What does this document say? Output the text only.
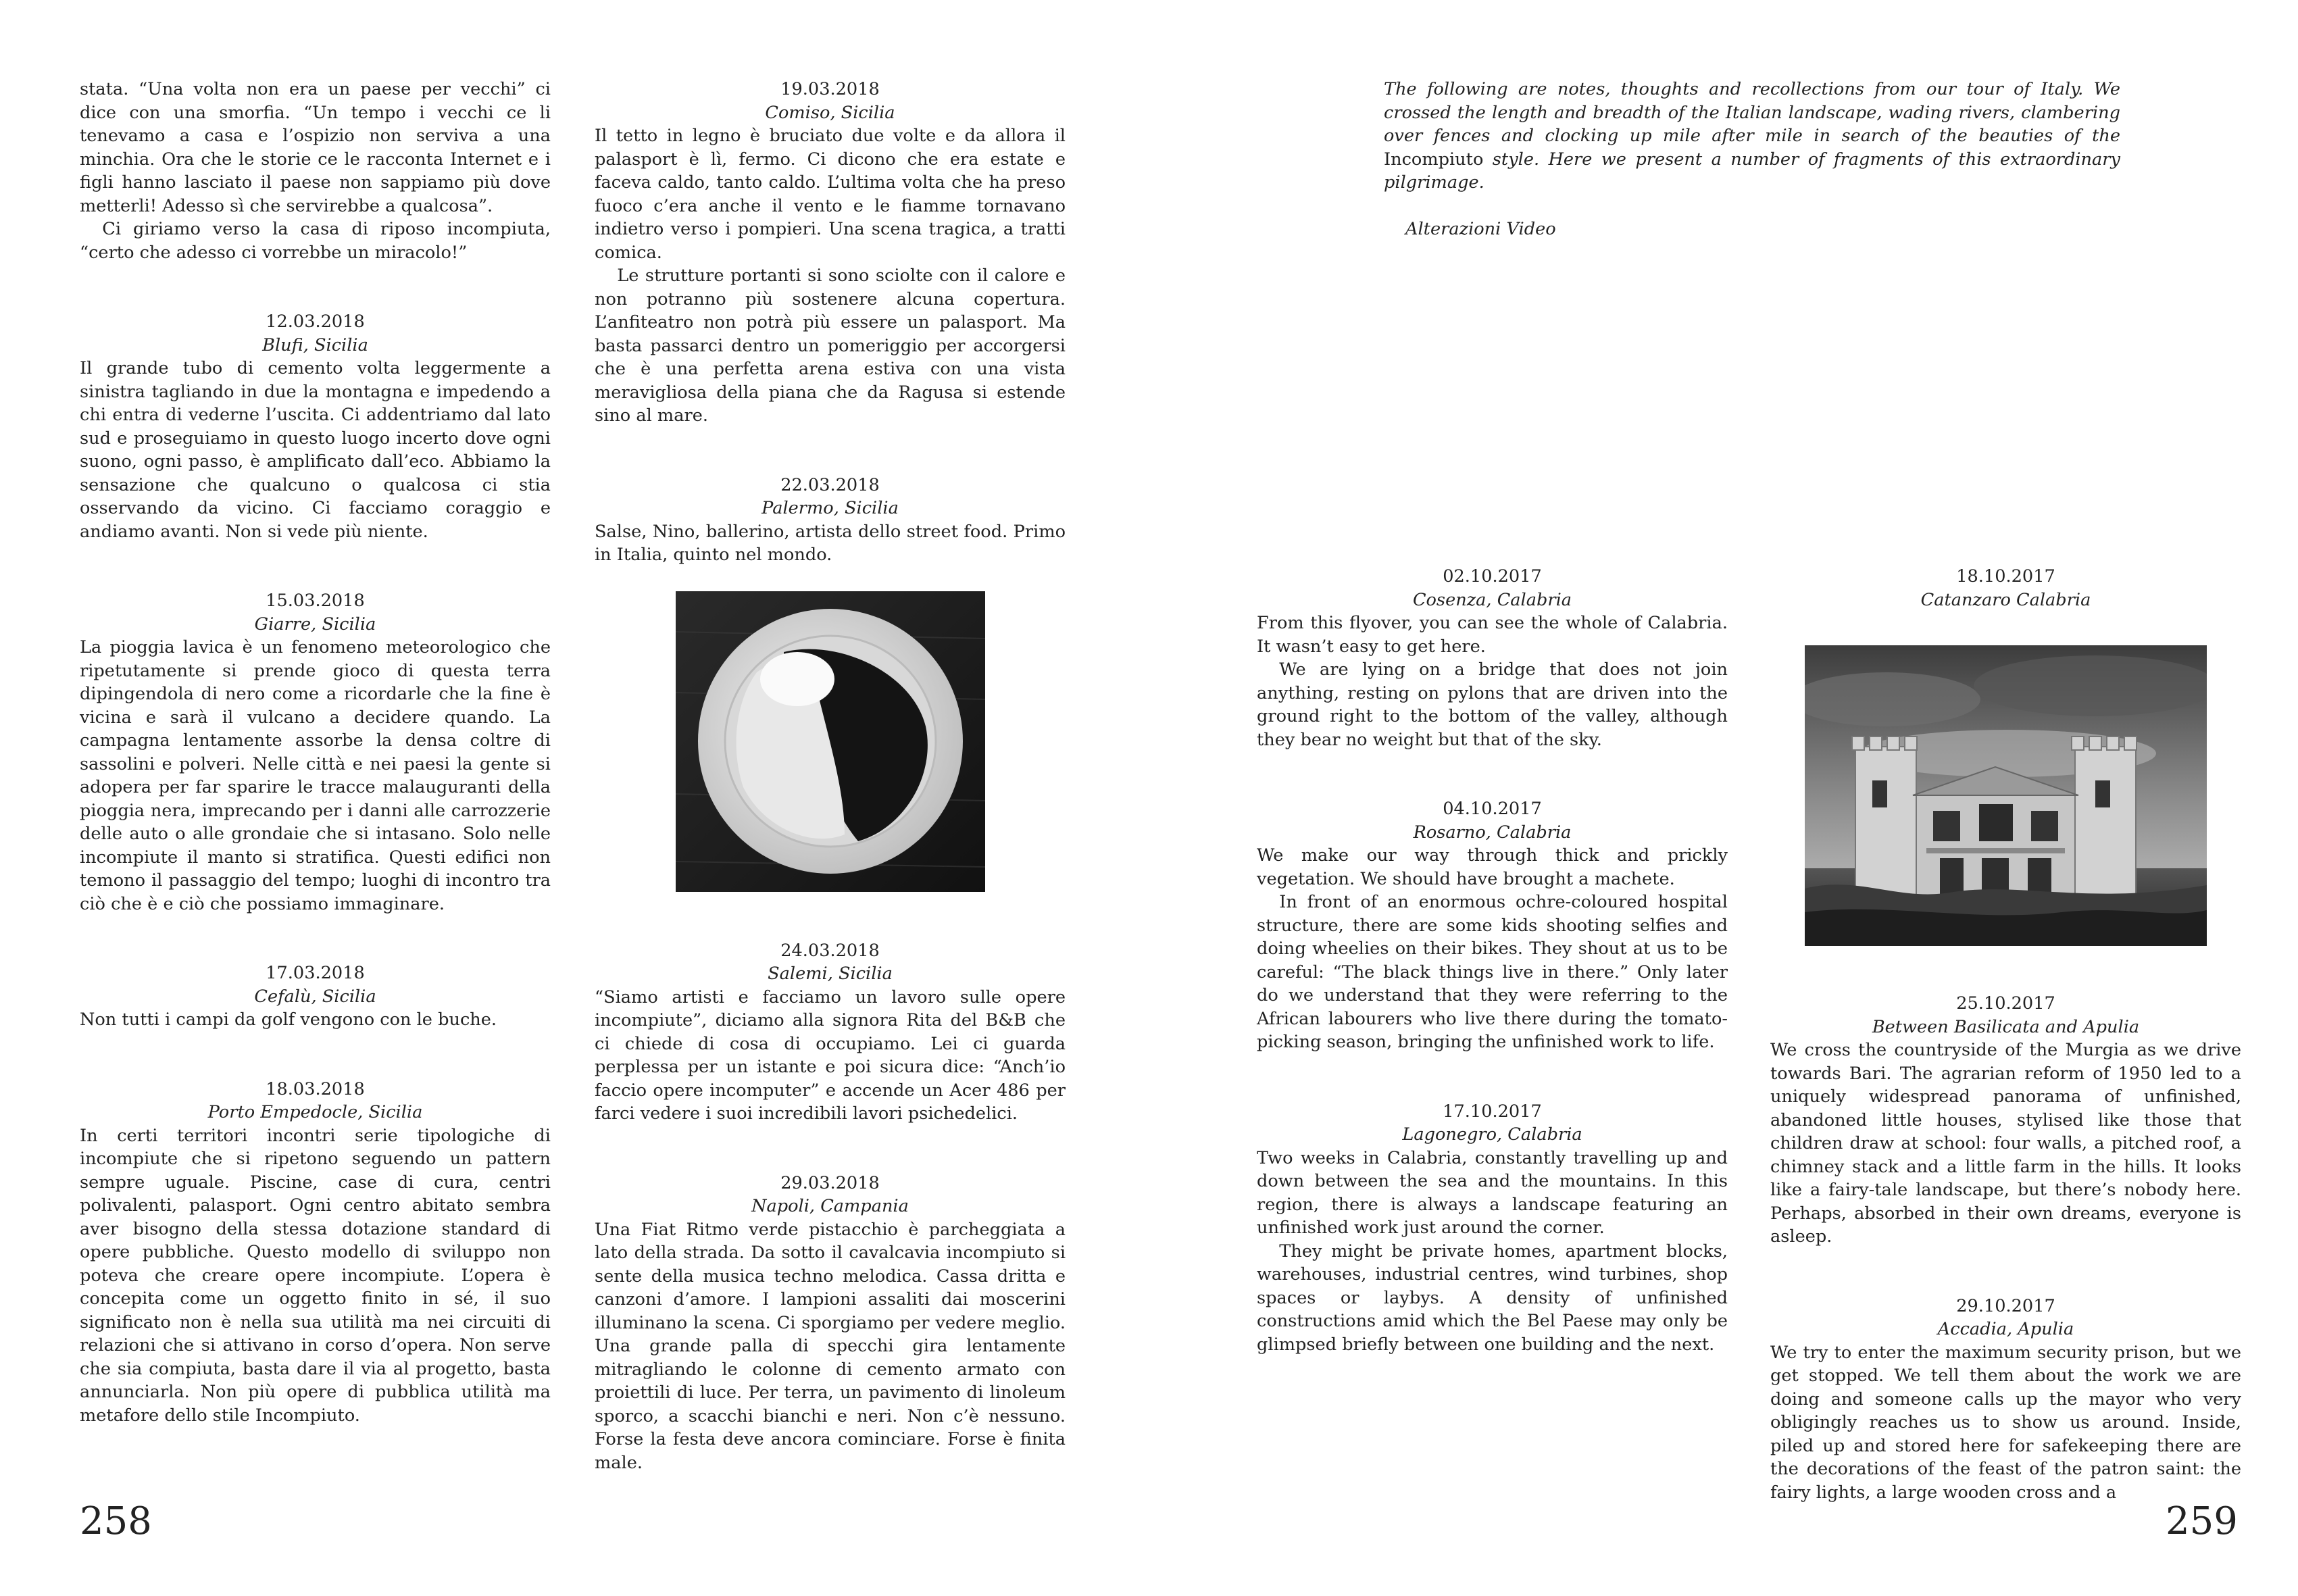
stata. “Una volta non era un paese per vecchi” ci dice con una smorfia. “Un tempo i vecchi ce li tenevamo a casa e l’ospizio non serviva a una minchia. Ora che le storie ce le racconta Internet e i figli hanno lasciato il paese non sappiamo più dove metterli! Adesso sì che servirebbe a qualcosa”.

Ci giriamo verso la casa di riposo incompiuta, “certo che adesso ci vorrebbe un miracolo!”

12.03.2018
Blufi, Sicilia

Il grande tubo di cemento volta leggermente a sinistra tagliando in due la montagna e impedendo a chi entra di vederne l’uscita. Ci addentriamo dal lato sud e proseguiamo in questo luogo incerto dove ogni suono, ogni passo, è amplificato dall’eco. Abbiamo la sensazione che qualcuno o qualcosa ci stia osservando da vicino. Ci facciamo coraggio e andiamo avanti. Non si vede più niente.

15.03.2018
Giarre, Sicilia

La pioggia lavica è un fenomeno meteorologico che ripetutamente si prende gioco di questa terra dipingendola di nero come a ricordarle che la fine è vicina e sarà il vulcano a decidere quando. La campagna lentamente assorbe la densa coltre di sassolini e polveri. Nelle città e nei paesi la gente si adopera per far sparire le tracce malauguranti della pioggia nera, imprecando per i danni alle carrozzerie delle auto o alle grondaie che si intasano. Solo nelle incompiute il manto si stratifica. Questi edifici non temono il passaggio del tempo; luoghi di incontro tra ciò che è e ciò che possiamo immaginare.

17.03.2018
Cefalù, Sicilia

Non tutti i campi da golf vengono con le buche.

18.03.2018
Porto Empedocle, Sicilia

In certi territori incontri serie tipologiche di incompiute che si ripetono seguendo un pattern sempre uguale. Piscine, case di cura, centri polivalenti, palasport. Ogni centro abitato sembra aver bisogno della stessa dotazione standard di opere pubbliche. Questo modello di sviluppo non poteva che creare opere incompiute. L’opera è concepita come un oggetto finito in sé, il suo significato non è nella sua utilità ma nei circuiti di relazioni che si attivano in corso d’opera. Non serve che sia compiuta, basta dare il via al progetto, basta annunciarla. Non più opere di pubblica utilità ma metafore dello stile Incompiuto.

19.03.2018
Comiso, Sicilia

Il tetto in legno è bruciato due volte e da allora il palasport è lì, fermo. Ci dicono che era estate e faceva caldo, tanto caldo. L’ultima volta che ha preso fuoco c’era anche il vento e le fiamme tornavano indietro verso i pompieri. Una scena tragica, a tratti comica.

Le strutture portanti si sono sciolte con il calore e non potranno più sostenere alcuna copertura. L’anfiteatro non potrà più essere un palasport. Ma basta passarci dentro un pomeriggio per accorgersi che è una perfetta arena estiva con una vista meravigliosa della piana che da Ragusa si estende sino al mare.

22.03.2018
Palermo, Sicilia

Salse, Nino, ballerino, artista dello street food. Primo in Italia, quinto nel mondo.

24.03.2018
Salemi, Sicilia

“Siamo artisti e facciamo un lavoro sulle opere incompiute”, diciamo alla signora Rita del B&B che ci chiede di cosa di occupiamo. Lei ci guarda perplessa per un istante e poi sicura dice: “Anch’io faccio opere incomputer” e accende un Acer 486 per farci vedere i suoi incredibili lavori psichedelici.

29.03.2018
Napoli, Campania

Una Fiat Ritmo verde pistacchio è parcheggiata a lato della strada. Da sotto il cavalcavia incompiuto si sente della musica techno melodica. Cassa dritta e canzoni d’amore. I lampioni assaliti dai moscerini illuminano la scena. Ci sporgiamo per vedere meglio. Una grande palla di specchi gira lentamente mitragliando le colonne di cemento armato con proiettili di luce. Per terra, un pavimento di linoleum sporco, a scacchi bianchi e neri. Non c’è nessuno. Forse la festa deve ancora cominciare. Forse è finita male.

258

The following are notes, thoughts and recollections from our tour of Italy. We crossed the length and breadth of the Italian landscape, wading rivers, clambering over fences and clocking up mile after mile in search of the beauties of the Incompiuto style. Here we present a number of fragments of this extraordinary pilgrimage.

Alterazioni Video

02.10.2017
Cosenza, Calabria

From this flyover, you can see the whole of Calabria. It wasn’t easy to get here.

We are lying on a bridge that does not join anything, resting on pylons that are driven into the ground right to the bottom of the valley, although they bear no weight but that of the sky.

04.10.2017
Rosarno, Calabria

We make our way through thick and prickly vegetation. We should have brought a machete.

In front of an enormous ochre-coloured hospital structure, there are some kids shooting selfies and doing wheelies on their bikes. They shout at us to be careful: “The black things live in there.” Only later do we understand that they were referring to the African labourers who live there during the tomato-picking season, bringing the unfinished work to life.

17.10.2017
Lagonegro, Calabria

Two weeks in Calabria, constantly travelling up and down between the sea and the mountains. In this region, there is always a landscape featuring an unfinished work just around the corner.

They might be private homes, apartment blocks, warehouses, industrial centres, wind turbines, shop spaces or laybys. A density of unfinished constructions amid which the Bel Paese may only be glimpsed briefly between one building and the next.

18.10.2017
Catanzaro Calabria
25.10.2017
Between Basilicata and Apulia

We cross the countryside of the Murgia as we drive towards Bari. The agrarian reform of 1950 led to a uniquely widespread panorama of unfinished, abandoned little houses, stylised like those that children draw at school: four walls, a pitched roof, a chimney stack and a little farm in the hills. It looks like a fairy-tale landscape, but there’s nobody here. Perhaps, absorbed in their own dreams, everyone is asleep.

29.10.2017
Accadia, Apulia

We try to enter the maximum security prison, but we get stopped. We tell them about the work we are doing and someone calls up the mayor who very obligingly reaches us to show us around. Inside, piled up and stored here for safekeeping there are the decorations of the feast of the patron saint: the fairy lights, a large wooden cross and a

259
